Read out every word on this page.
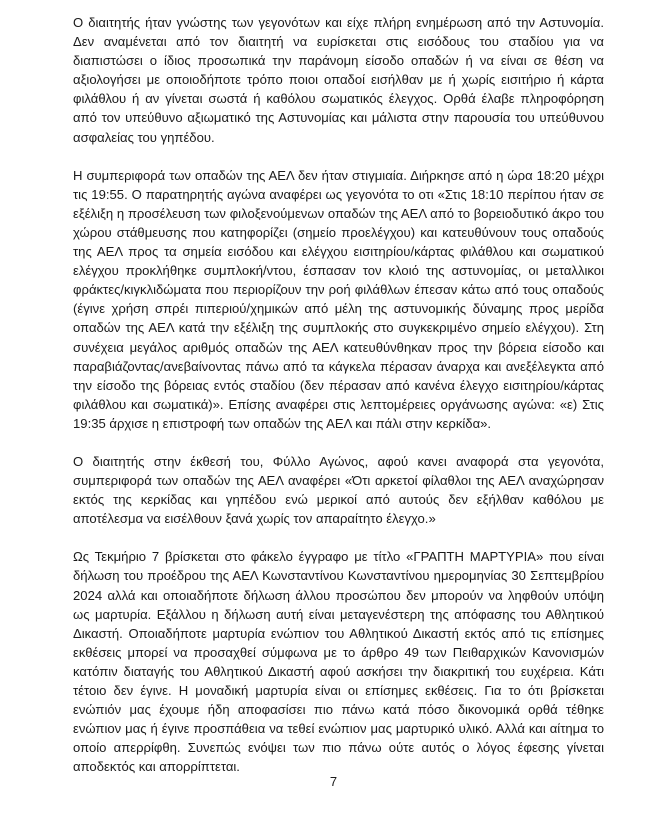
Ο διαιτητής ήταν γνώστης των γεγονότων και είχε πλήρη ενημέρωση από την Αστυνομία. Δεν αναμένεται από τον διαιτητή να ευρίσκεται στις εισόδους του σταδίου για να διαπιστώσει ο ίδιος προσωπικά την παράνομη είσοδο οπαδών ή να είναι σε θέση να αξιολογήσει με οποιοδήποτε τρόπο ποιοι οπαδοί εισήλθαν με ή χωρίς εισιτήριο ή κάρτα φιλάθλου ή αν γίνεται σωστά ή καθόλου σωματικός έλεγχος. Ορθά έλαβε πληροφόρηση από τον υπεύθυνο αξιωματικό της Αστυνομίας και μάλιστα στην παρουσία του υπεύθυνου ασφαλείας του γηπέδου.

Η συμπεριφορά των οπαδών της ΑΕΛ δεν ήταν στιγμιαία. Διήρκησε από η ώρα 18:20 μέχρι τις 19:55. Ο παρατηρητής αγώνα αναφέρει ως γεγονότα το οτι «Στις 18:10 περίπου ήταν σε εξέλιξη η προσέλευση των φιλοξενούμενων οπαδών της ΑΕΛ από το βορειοδυτικό άκρο του χώρου στάθμευσης που κατηφορίζει (σημείο προελέγχου) και κατευθύνουν τους οπαδούς της ΑΕΛ προς τα σημεία εισόδου και ελέγχου εισιτηρίου/κάρτας φιλάθλου και σωματικού ελέγχου προκλήθηκε συμπλοκή/ντου, έσπασαν τον κλοιό της αστυνομίας, οι μεταλλικοι φράκτες/κιγκλιδώματα που περιορίζουν την ροή φιλάθλων έπεσαν κάτω από τους οπαδούς (έγινε χρήση σπρέι πιπεριού/χημικών από μέλη της αστυνομικής δύναμης προς μερίδα οπαδών της ΑΕΛ κατά την εξέλιξη της συμπλοκής στο συγκεκριμένο σημείο ελέγχου). Στη συνέχεια μεγάλος αριθμός οπαδών της ΑΕΛ κατευθύνθηκαν προς την βόρεια είσοδο και παραβιάζοντας/ανεβαίνοντας πάνω από τα κάγκελα πέρασαν άναρχα και ανεξέλεγκτα από την είσοδο της βόρειας εντός σταδίου (δεν πέρασαν από κανένα έλεγχο εισιτηρίου/κάρτας φιλάθλου και σωματικά)». Επίσης αναφέρει στις λεπτομέρειες οργάνωσης αγώνα: «ε) Στις 19:35 άρχισε η επιστροφή των οπαδών της ΑΕΛ και πάλι στην κερκίδα».

Ο διαιτητής στην έκθεσή του, Φύλλο Αγώνος, αφού κανει αναφορά στα γεγονότα, συμπεριφορά των οπαδών της ΑΕΛ αναφέρει «Ότι αρκετοί φίλαθλοι της ΑΕΛ αναχώρησαν εκτός της κερκίδας και γηπέδου ενώ μερικοί από αυτούς δεν εξήλθαν καθόλου με αποτέλεσμα να εισέλθουν ξανά χωρίς τον απαραίτητο έλεγχο.»

Ως Τεκμήριο 7 βρίσκεται στο φάκελο έγγραφο με τίτλο «ΓΡΑΠΤΗ ΜΑΡΤΥΡΙΑ» που είναι δήλωση του προέδρου της ΑΕΛ Κωνσταντίνου Κωνσταντίνου ημερομηνίας 30 Σεπτεμβρίου 2024 αλλά και οποιαδήποτε δήλωση άλλου προσώπου δεν μπορούν να ληφθούν υπόψη ως μαρτυρία. Εξάλλου η δήλωση αυτή είναι μεταγενέστερη της απόφασης του Αθλητικού Δικαστή. Οποιαδήποτε μαρτυρία ενώπιον του Αθλητικού Δικαστή εκτός από τις επίσημες εκθέσεις μπορεί να προσαχθεί σύμφωνα με το άρθρο 49 των Πειθαρχικών Κανονισμών κατόπιν διαταγής του Αθλητικού Δικαστή αφού ασκήσει την διακριτική του ευχέρεια. Κάτι τέτοιο δεν έγινε. Η μοναδική μαρτυρία είναι οι επίσημες εκθέσεις. Για το ότι βρίσκεται ενώπιόν μας έχουμε ήδη αποφασίσει πιο πάνω κατά πόσο δικονομικά ορθά τέθηκε ενώπιον μας ή έγινε προσπάθεια να τεθεί ενώπιον μας μαρτυρικό υλικό. Αλλά και αίτημα το οποίο απερρίφθη. Συνεπώς ενόψει των πιο πάνω ούτε αυτός ο λόγος έφεσης γίνεται αποδεκτός και απορρίπτεται.

7
